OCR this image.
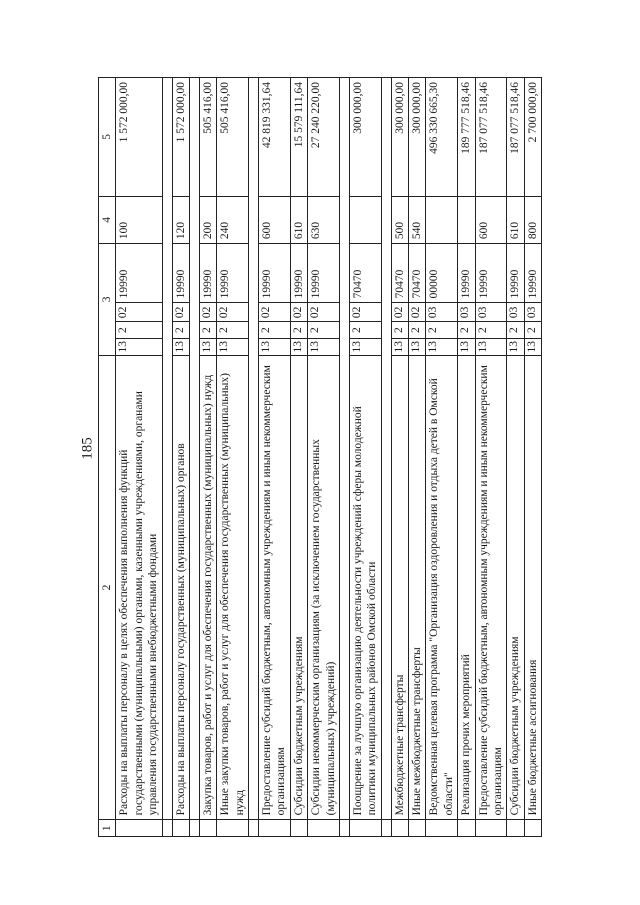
185
1	2	3				4	5
	Расходы на выплаты персоналу в целях обеспечения выполнения функций государственными (муниципальными) органами, казенными учреждениями, органами управления государственными внебюджетными фондами	13	2	02	19990	100	1 572 000,00

	Расходы на выплаты персоналу государственных (муниципальных) органов	13	2	02	19990	120	1 572 000,00

	Закупка товаров, работ и услуг для обеспечения государственных (муниципальных) нужд	13	2	02	19990	200	505 416,00
	Иные закупки товаров, работ и услуг для обеспечения государственных (муниципальных) нужд	13	2	02	19990	240	505 416,00

	Предоставление субсидий бюджетным, автономным учреждениям и иным некоммерческим организациям	13	2	02	19990	600	42 819 331,64
	Субсидии бюджетным учреждениям	13	2	02	19990	610	15 579 111,64
	Субсидии некоммерческим организациям (за исключением государственных (муниципальных) учреждений)	13	2	02	19990	630	27 240 220,00

	Поощрение за лучшую организацию деятельности учреждений сферы молодежной политики муниципальных районов Омской области	13	2	02	70470		300 000,00

	Межбюджетные трансферты	13	2	02	70470	500	300 000,00
	Иные межбюджетные трансферты	13	2	02	70470	540	300 000,00
	Ведомственная целевая программа "Организация оздоровления и отдыха детей в Омской области"	13	2	03	00000		496 330 665,30
	Реализация прочих мероприятий	13	2	03	19990		189 777 518,46
	Предоставление субсидий бюджетным, автономным учреждениям и иным некоммерческим организациям	13	2	03	19990	600	187 077 518,46
	Субсидии бюджетным учреждениям	13	2	03	19990	610	187 077 518,46
	Иные бюджетные ассигнования	13	2	03	19990	800	2 700 000,00
